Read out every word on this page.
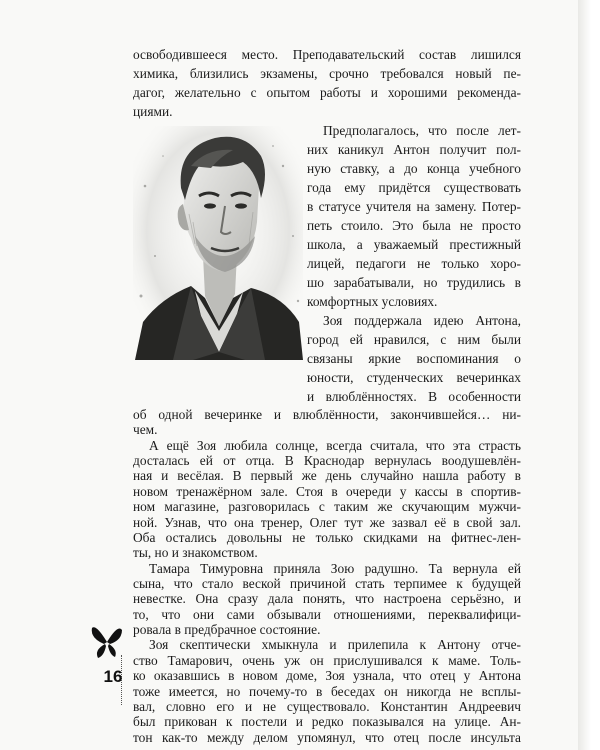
освободившееся место. Преподавательский состав лишился
химика, близились экзамены, срочно требовался новый пе-
дагог, желательно с опытом работы и хорошими рекоменда-
циями.
Предполагалось, что после лет-
них каникул Антон получит пол-
ную ставку, а до конца учебного
года ему придётся существовать
в статусе учителя на замену. Потер-
петь стоило. Это была не просто
школа, а уважаемый престижный
лицей, педагоги не только хоро-
шо зарабатывали, но трудились в
комфортных условиях.
Зоя поддержала идею Антона,
город ей нравился, с ним были
связаны яркие воспоминания о
юности, студенческих вечеринках
и влюблённостях. В особенности
об одной вечеринке и влюблённости, закончившейся… ни-
чем.
А ещё Зоя любила солнце, всегда считала, что эта страсть
досталась ей от отца. В Краснодар вернулась воодушевлён-
ная и весёлая. В первый же день случайно нашла работу в
новом тренажёрном зале. Стоя в очереди у кассы в спортив-
ном магазине, разговорилась с таким же скучающим мужчи-
ной. Узнав, что она тренер, Олег тут же зазвал её в свой зал.
Оба остались довольны не только скидками на фитнес-лен-
ты, но и знакомством.
Тамара Тимуровна приняла Зою радушно. Та вернула ей
сына, что стало веской причиной стать терпимее к будущей
невестке. Она сразу дала понять, что настроена серьёзно, и
то, что они сами обзывали отношениями, переквалифици-
ровала в предбрачное состояние.
Зоя скептически хмыкнула и прилепила к Антону отче-
ство Тамарович, очень уж он прислушивался к маме. Толь-
16 ко оказавшись в новом доме, Зоя узнала, что отец у Антона
тоже имеется, но почему-то в беседах он никогда не всплы-
вал, словно его и не существовало. Константин Андреевич
был прикован к постели и редко показывался на улице. Ан-
тон как-то между делом упомянул, что отец после инсульта
